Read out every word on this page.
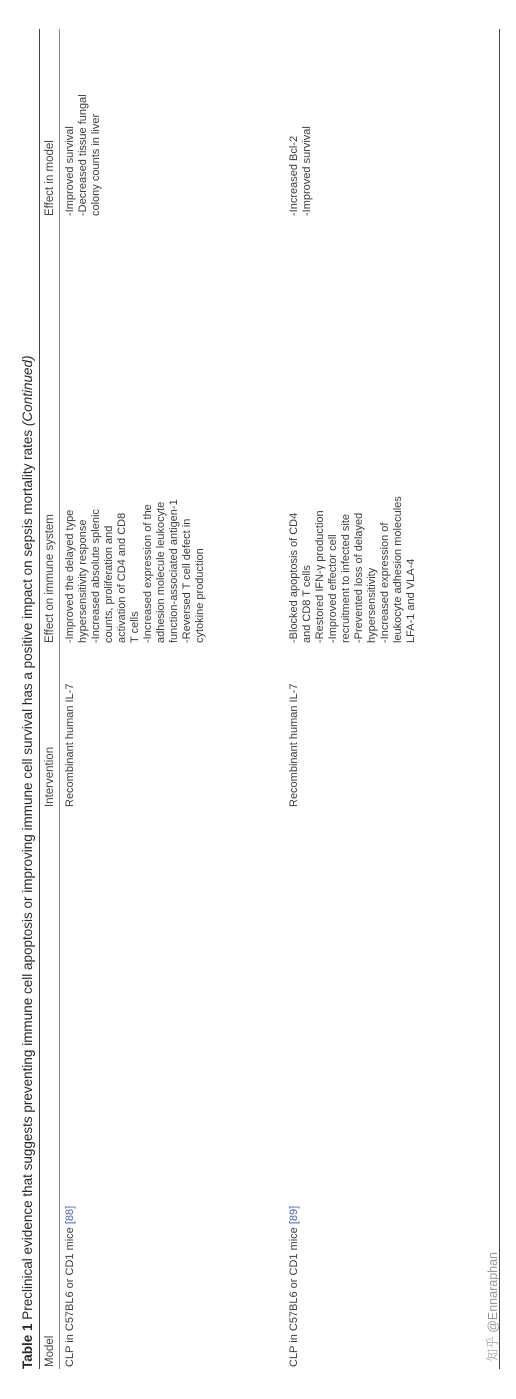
Table 1 Preclinical evidence that suggests preventing immune cell apoptosis or improving immune cell survival has a positive impact on sepsis mortality rates (Continued)
Model
Intervention
Effect on immune system
Effect in model
CLP in C57BL6 or CD1 mice [88]
Recombinant human IL-7
-Improved the delayed type hypersensitivity response -Increased absolute splenic counts, proliferation and activation of CD4 and CD8 T cells -Increased expression of the adhesion molecule leukocyte function-associated antigen-1 -Reversed T cell defect in cytokine production
-Improved survival -Decreased tissue fungal colony counts in liver
CLP in C57BL6 or CD1 mice [89]
Recombinant human IL-7
-Blocked apoptosis of CD4 and CD8 T cells -Restored IFN-γ production -Improved effector cell recruitment to infected site -Prevented loss of delayed hypersensitivity -Increased expression of leukocyte adhesion molecules LFA-1 and VLA-4
-Increased Bcl-2 -Improved survival
知乎 @Ennaraphan
